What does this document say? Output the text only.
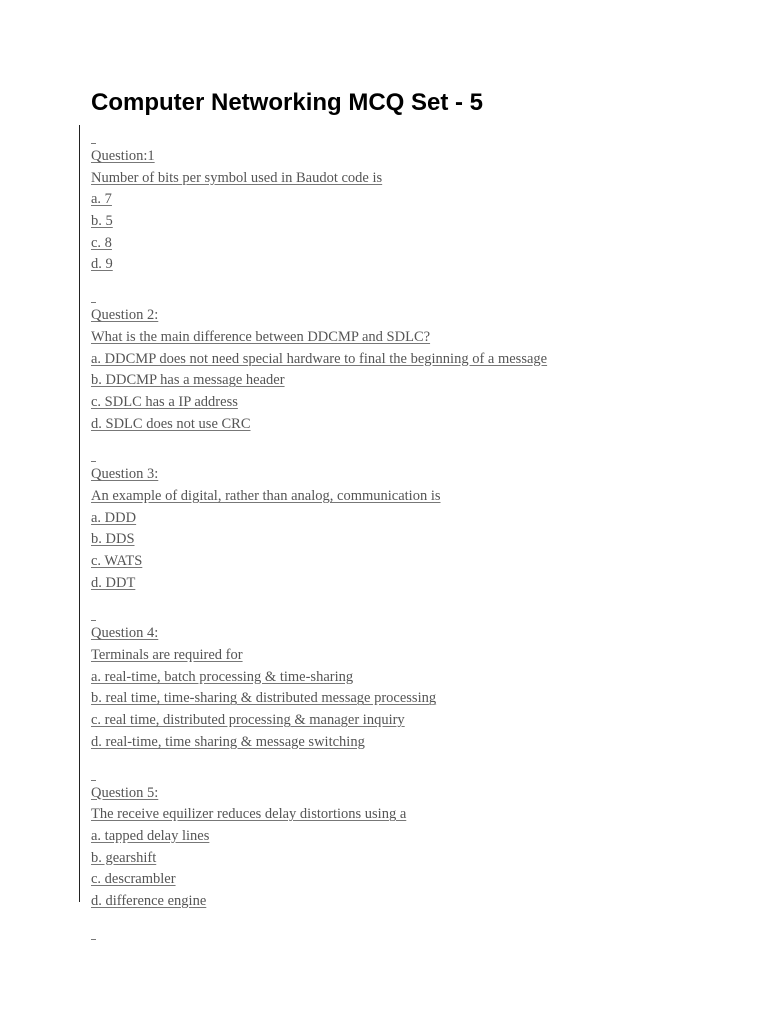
Computer Networking MCQ Set - 5
Question:1
Number of bits per symbol used in Baudot code is
a. 7
b. 5
c. 8
d. 9
Question 2:
What is the main difference between DDCMP and SDLC?
a. DDCMP does not need special hardware to final the beginning of a message
b. DDCMP has a message header
c. SDLC has a IP address
d. SDLC does not use CRC
Question 3:
An example of digital, rather than analog, communication is
a. DDD
b. DDS
c. WATS
d. DDT
Question 4:
Terminals are required for
a. real-time, batch processing & time-sharing
b. real time, time-sharing & distributed message processing
c. real time, distributed processing & manager inquiry
d. real-time, time sharing & message switching
Question 5:
The receive equilizer reduces delay distortions using a
a. tapped delay lines
b. gearshift
c. descrambler
d. difference engine
